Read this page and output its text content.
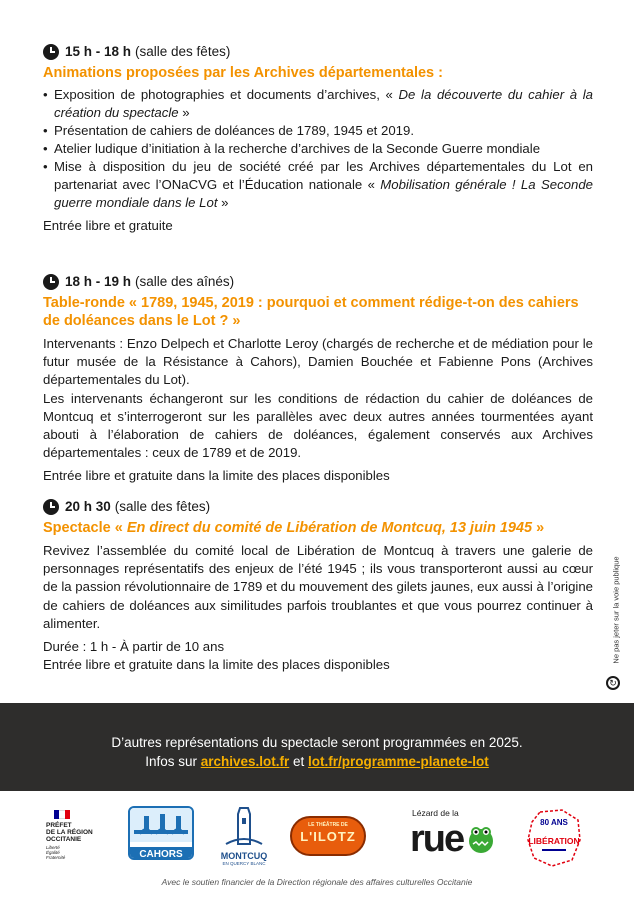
15 h - 18 h (salle des fêtes)
Animations proposées par les Archives départementales :
• Exposition de photographies et documents d’archives, « De la découverte du cahier à la création du spectacle »
• Présentation de cahiers de doléances de 1789, 1945 et 2019.
• Atelier ludique d’initiation à la recherche d’archives de la Seconde Guerre mondiale
• Mise à disposition du jeu de société créé par les Archives départementales du Lot en partenariat avec l’ONaCVG et l’Éducation nationale « Mobilisation générale ! La Seconde guerre mondiale dans le Lot »
Entrée libre et gratuite
18 h - 19 h (salle des aînés)
Table-ronde « 1789, 1945, 2019 : pourquoi et comment rédige-t-on des cahiers de doléances dans le Lot ? »
Intervenants : Enzo Delpech et Charlotte Leroy (chargés de recherche et de médiation pour le futur musée de la Résistance à Cahors), Damien Bouchée et Fabienne Pons (Archives départementales du Lot).
Les intervenants échangeront sur les conditions de rédaction du cahier de doléances de Montcuq et s’interrogeront sur les parallèles avec deux autres années tourmentées ayant abouti à l’élaboration de cahiers de doléances, également conservés aux Archives départementales : ceux de 1789 et de 2019.
Entrée libre et gratuite dans la limite des places disponibles
20 h 30 (salle des fêtes)
Spectacle « En direct du comité de Libération de Montcuq, 13 juin 1945 »
Revivez l’assemblée du comité local de Libération de Montcuq à travers une galerie de personnages représentatifs des enjeux de l’été 1945 ; ils vous transporteront aussi au cœur de la passion révolutionnaire de 1789 et du mouvement des gilets jaunes, eux aussi à l’origine de cahiers de doléances aux similitudes parfois troublantes et que vous pourrez continuer à alimenter.
Durée : 1 h - À partir de 10 ans
Entrée libre et gratuite dans la limite des places disponibles
Ne pas jeter sur la voie publique
↻
D’autres représentations du spectacle seront programmées en 2025.
Infos sur archives.lot.fr et lot.fr/programme-planete-lot
PRÉFET
DE LA RÉGION
OCCITANIE
Liberté
Égalité
Fraternité	CAHORS	MONTCUQ
EN QUERCY BLANC
LE THÉÂTRE DE
L'ILOTZ
Lézard de la
rue	80 ANS
LIBÉRATION
Avec le soutien financier de la Direction régionale des affaires culturelles Occitanie
